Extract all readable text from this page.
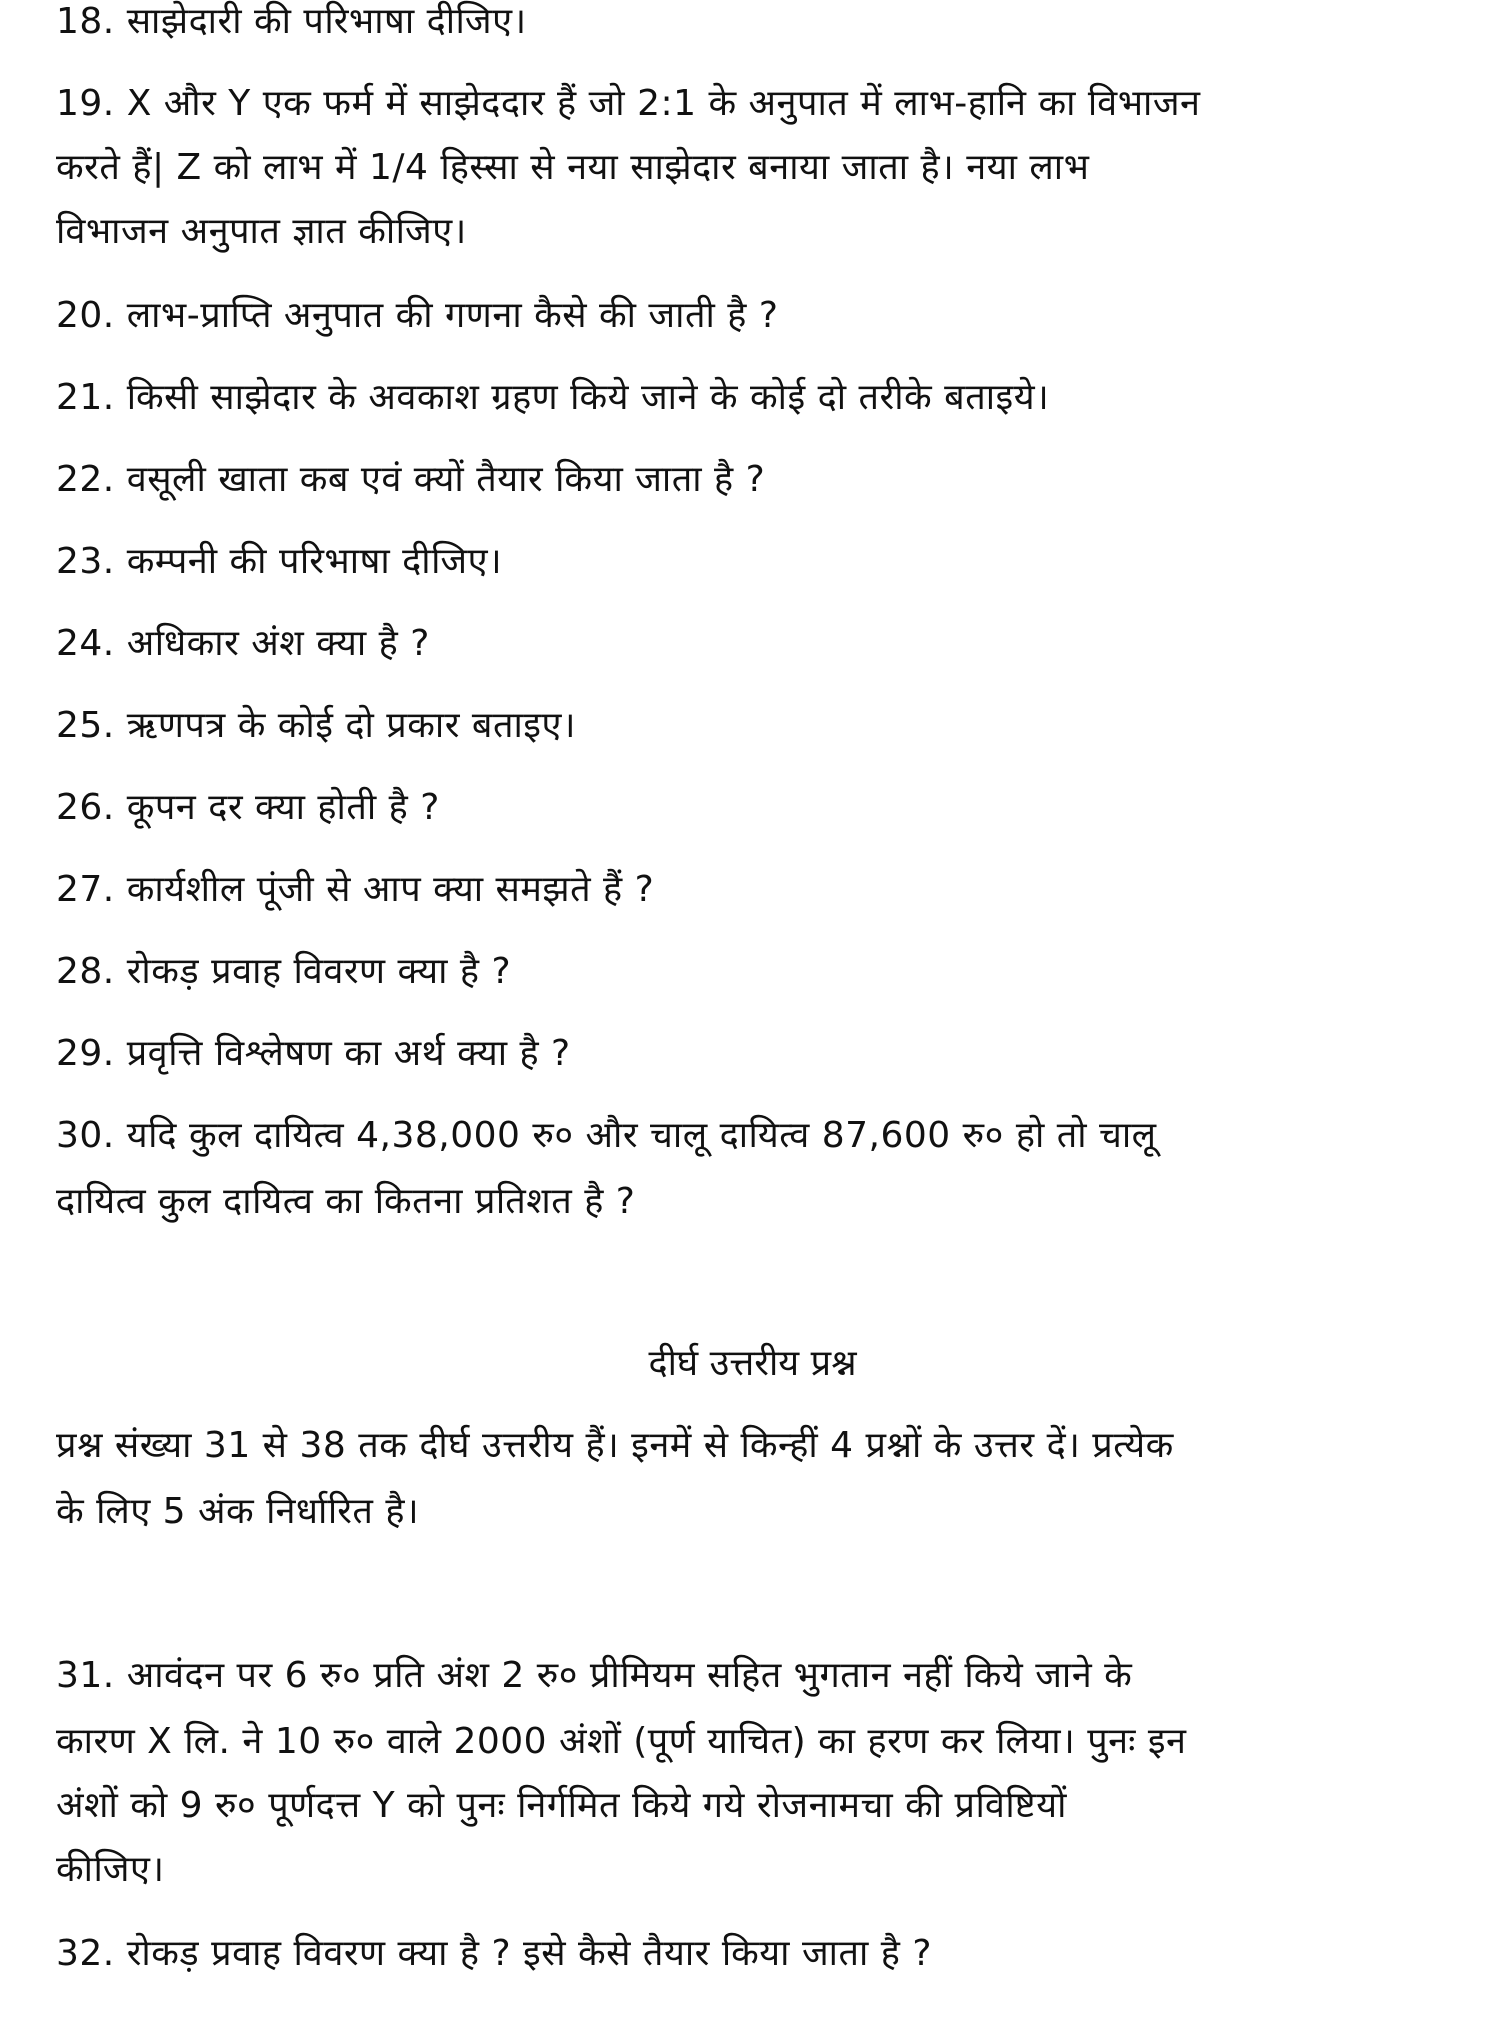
18. साझेदारी की परिभाषा दीजिए।
19. X और Y एक फर्म में साझेददार हैं जो 2:1 के अनुपात में लाभ-हानि का विभाजन
करते हैं| Z को लाभ में 1/4 हिस्सा से नया साझेदार बनाया जाता है। नया लाभ
विभाजन अनुपात ज्ञात कीजिए।
20. लाभ-प्राप्ति अनुपात की गणना कैसे की जाती है ?
21. किसी साझेदार के अवकाश ग्रहण किये जाने के कोई दो तरीके बताइये।
22. वसूली खाता कब एवं क्यों तैयार किया जाता है ?
23. कम्पनी की परिभाषा दीजिए।
24. अधिकार अंश क्या है ?
25. ऋणपत्र के कोई दो प्रकार बताइए।
26. कूपन दर क्या होती है ?
27. कार्यशील पूंजी से आप क्या समझते हैं ?
28. रोकड़ प्रवाह विवरण क्या है ?
29. प्रवृत्ति विश्लेषण का अर्थ क्या है ?
30. यदि कुल दायित्व 4,38,000 रु० और चालू दायित्व 87,600 रु० हो तो चालू
दायित्व कुल दायित्व का कितना प्रतिशत है ?
दीर्घ उत्तरीय प्रश्न
प्रश्न संख्या 31 से 38 तक दीर्घ उत्तरीय हैं। इनमें से किन्हीं 4 प्रश्नों के उत्तर दें। प्रत्येक
के लिए 5 अंक निर्धारित है।
31. आवंदन पर 6 रु० प्रति अंश 2 रु० प्रीमियम सहित भुगतान नहीं किये जाने के
कारण X लि. ने 10 रु० वाले 2000 अंशों (पूर्ण याचित) का हरण कर लिया। पुनः इन
अंशों को 9 रु० पूर्णदत्त Y को पुनः निर्गमित किये गये रोजनामचा की प्रविष्टियों
कीजिए।
32. रोकड़ प्रवाह विवरण क्या है ? इसे कैसे तैयार किया जाता है ?
